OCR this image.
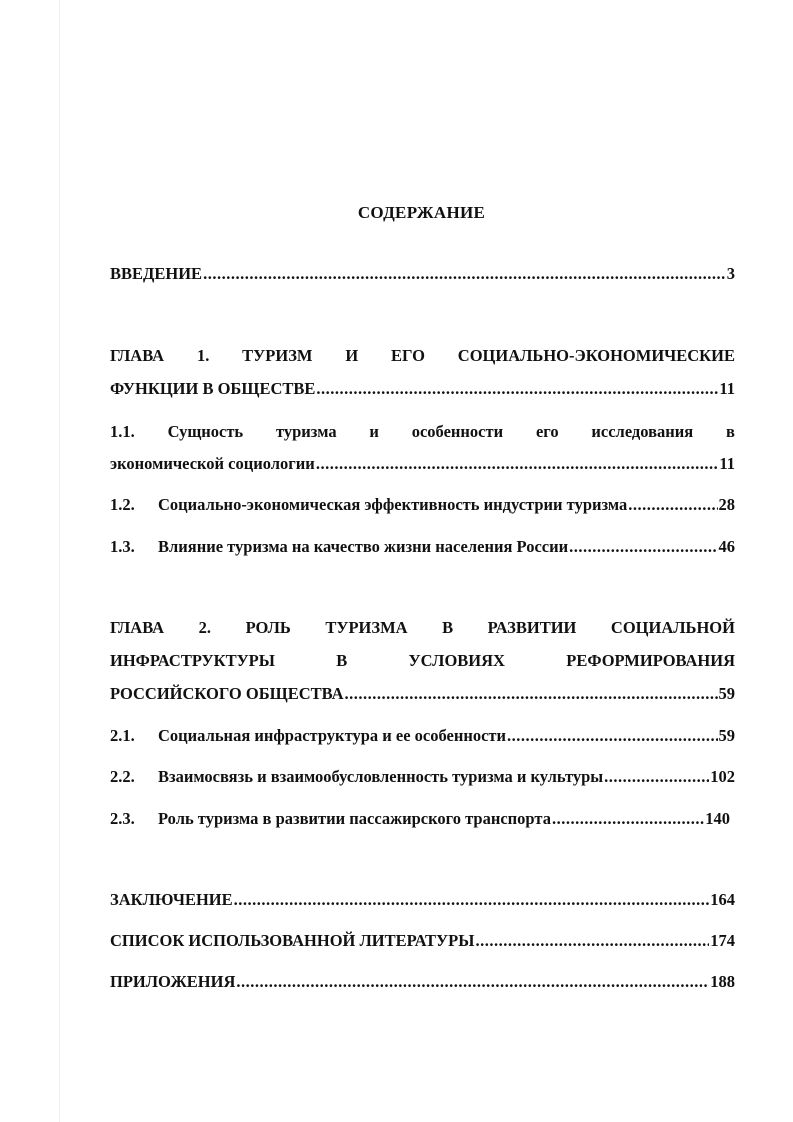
СОДЕРЖАНИЕ
ВВЕДЕНИЕ .....	3
ГЛАВА 1. ТУРИЗМ И ЕГО СОЦИАЛЬНО-ЭКОНОМИЧЕСКИЕ
ФУНКЦИИ В ОБЩЕСТВЕ .....	11
1.1. Сущность туризма и особенности его исследования в
экономической социологии .....	11
1.2. Социально-экономическая эффективность индустрии туризма .....	28
1.3. Влияние туризма на качество жизни населения России .....	46
ГЛАВА 2. РОЛЬ ТУРИЗМА В РАЗВИТИИ СОЦИАЛЬНОЙ
ИНФРАСТРУКТУРЫ	В	УСЛОВИЯХ	РЕФОРМИРОВАНИЯ
РОССИЙСКОГО ОБЩЕСТВА .....	59
2.1. Социальная инфраструктура и ее особенности .....	59
2.2. Взаимосвязь и взаимообусловленность туризма и культуры .....	102
2.3. Роль туризма в развитии пассажирского транспорта .....	140
ЗАКЛЮЧЕНИЕ .....	164
СПИСОК ИСПОЛЬЗОВАННОЙ ЛИТЕРАТУРЫ .....	174
ПРИЛОЖЕНИЯ .....	188
